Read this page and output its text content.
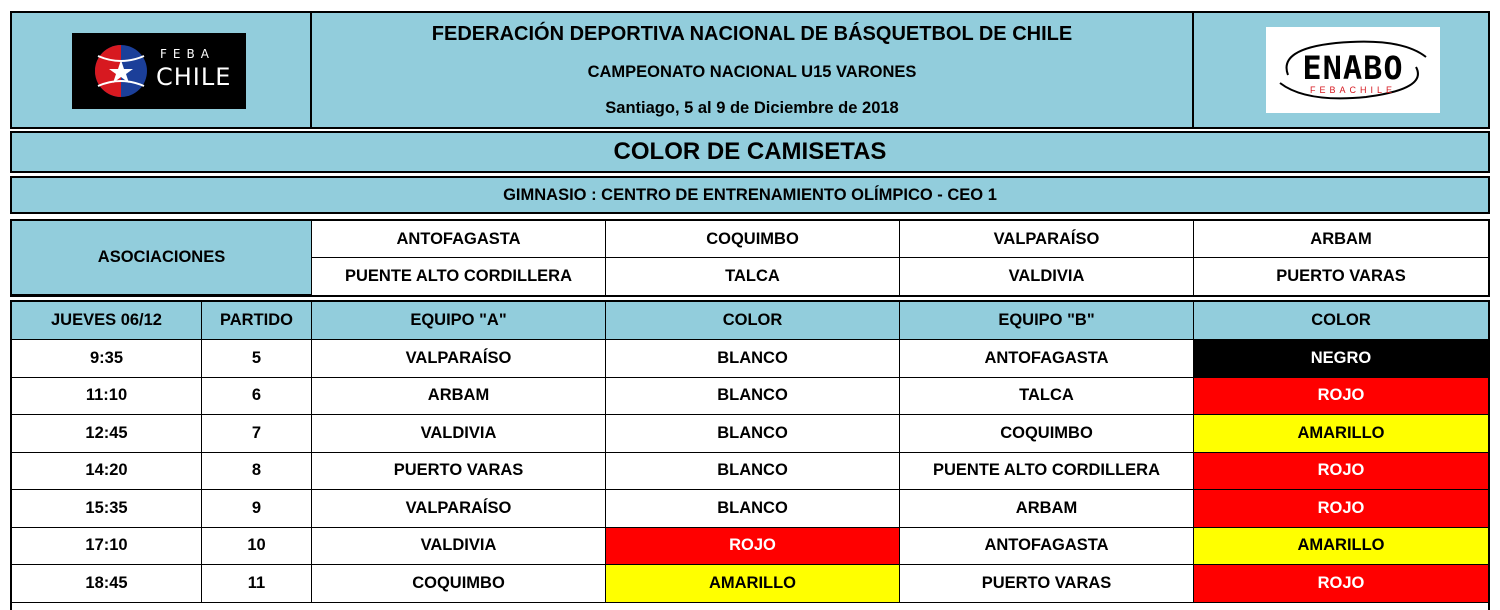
FEBA
CHILE
FEDERACIÓN DEPORTIVA NACIONAL DE BÁSQUETBOL DE CHILE
CAMPEONATO NACIONAL U15 VARONES
Santiago, 5 al 9 de Diciembre de 2018
ENABO
FEBACHILE
COLOR DE CAMISETAS
GIMNASIO : CENTRO DE ENTRENAMIENTO OLÍMPICO - CEO 1
ASOCIACIONES
ANTOFAGASTA	COQUIMBO	VALPARAÍSO	ARBAM
PUENTE ALTO CORDILLERA	TALCA	VALDIVIA	PUERTO VARAS
JUEVES 06/12	PARTIDO	EQUIPO "A"	COLOR	EQUIPO "B"	COLOR
9:35	5	VALPARAÍSO	BLANCO	ANTOFAGASTA	NEGRO
11:10	6	ARBAM	BLANCO	TALCA	ROJO
12:45	7	VALDIVIA	BLANCO	COQUIMBO	AMARILLO
14:20	8	PUERTO VARAS	BLANCO	PUENTE ALTO CORDILLERA	ROJO
15:35	9	VALPARAÍSO	BLANCO	ARBAM	ROJO
17:10	10	VALDIVIA	ROJO	ANTOFAGASTA	AMARILLO
18:45	11	COQUIMBO	AMARILLO	PUERTO VARAS	ROJO
